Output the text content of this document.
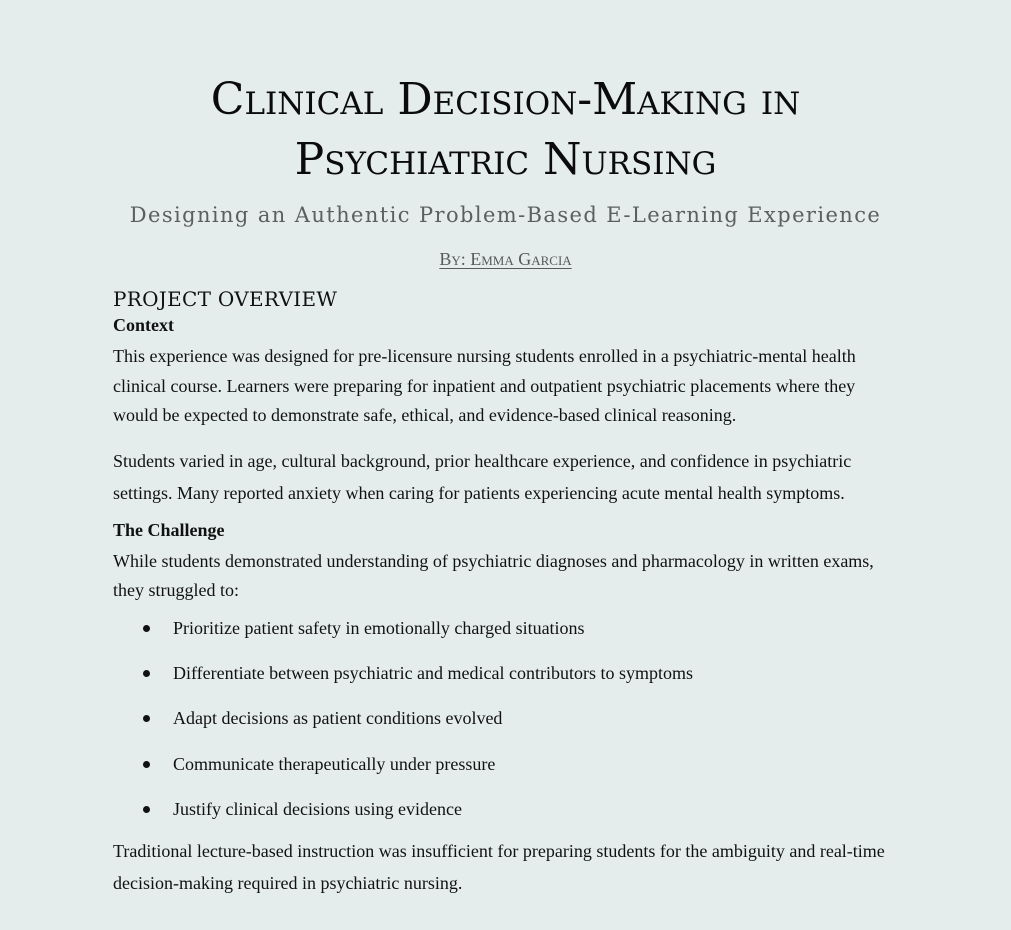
Clinical Decision-Making in
Psychiatric Nursing
Designing an Authentic Problem-Based E-Learning Experience
By: Emma Garcia
PROJECT OVERVIEW
Context

This experience was designed for pre-licensure nursing students enrolled in a psychiatric-mental health clinical course. Learners were preparing for inpatient and outpatient psychiatric placements where they would be expected to demonstrate safe, ethical, and evidence-based clinical reasoning.

Students varied in age, cultural background, prior healthcare experience, and confidence in psychiatric settings. Many reported anxiety when caring for patients experiencing acute mental health symptoms.

The Challenge

While students demonstrated understanding of psychiatric diagnoses and pharmacology in written exams, they struggled to:

Prioritize patient safety in emotionally charged situations
Differentiate between psychiatric and medical contributors to symptoms
Adapt decisions as patient conditions evolved
Communicate therapeutically under pressure
Justify clinical decisions using evidence

Traditional lecture-based instruction was insufficient for preparing students for the ambiguity and real-time decision-making required in psychiatric nursing.
